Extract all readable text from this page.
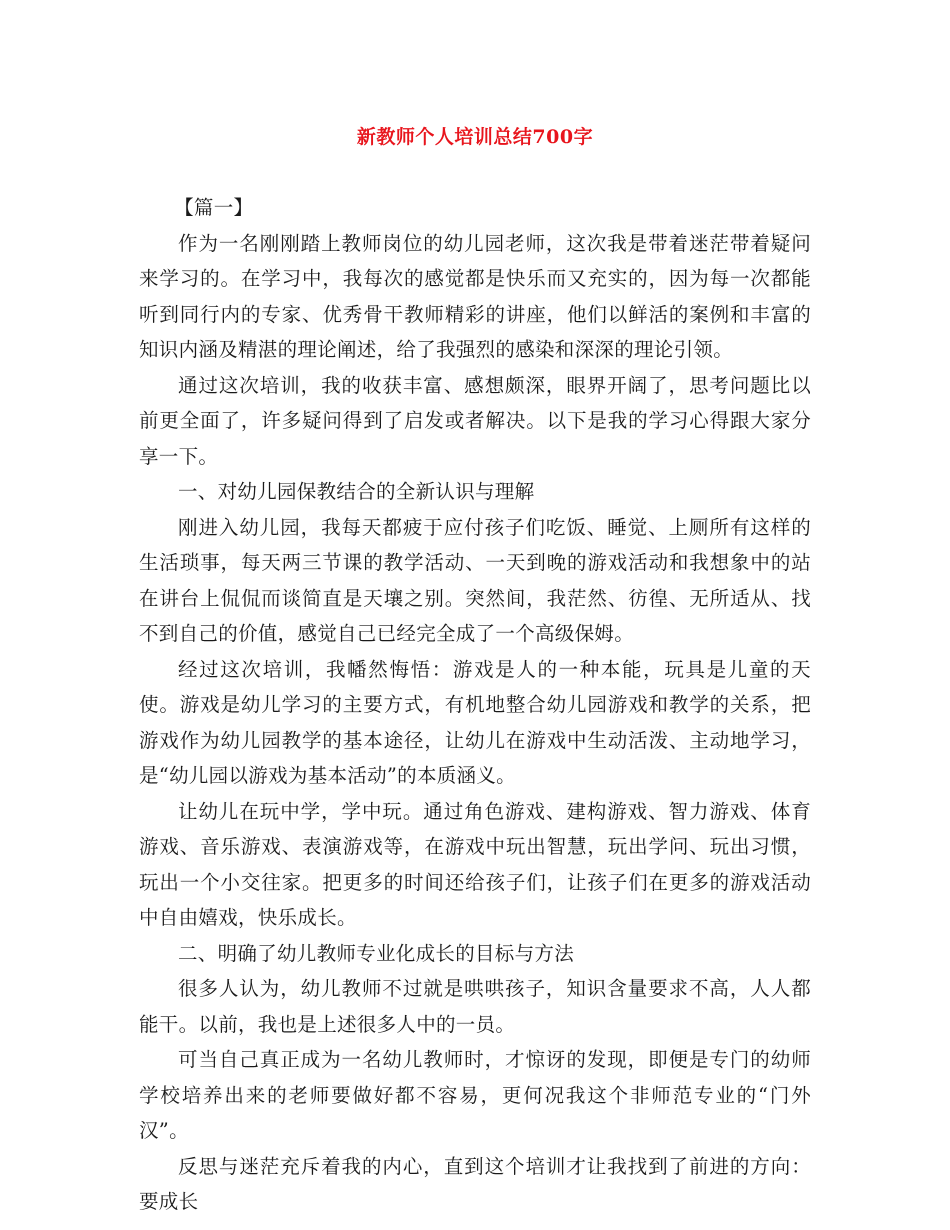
新教师个人培训总结700字

【篇一】

作为一名刚刚踏上教师岗位的幼儿园老师，这次我是带着迷茫带着疑问来学习的。在学习中，我每次的感觉都是快乐而又充实的，因为每一次都能听到同行内的专家、优秀骨干教师精彩的讲座，他们以鲜活的案例和丰富的知识内涵及精湛的理论阐述，给了我强烈的感染和深深的理论引领。

通过这次培训，我的收获丰富、感想颇深，眼界开阔了，思考问题比以前更全面了，许多疑问得到了启发或者解决。以下是我的学习心得跟大家分享一下。

一、对幼儿园保教结合的全新认识与理解

刚进入幼儿园，我每天都疲于应付孩子们吃饭、睡觉、上厕所有这样的生活琐事，每天两三节课的教学活动、一天到晚的游戏活动和我想象中的站在讲台上侃侃而谈简直是天壤之别。突然间，我茫然、彷徨、无所适从、找不到自己的价值，感觉自己已经完全成了一个高级保姆。

经过这次培训，我幡然悔悟：游戏是人的一种本能，玩具是儿童的天使。游戏是幼儿学习的主要方式，有机地整合幼儿园游戏和教学的关系，把游戏作为幼儿园教学的基本途径，让幼儿在游戏中生动活泼、主动地学习，是“幼儿园以游戏为基本活动”的本质涵义。

让幼儿在玩中学，学中玩。通过角色游戏、建构游戏、智力游戏、体育游戏、音乐游戏、表演游戏等，在游戏中玩出智慧，玩出学问、玩出习惯，玩出一个小交往家。把更多的时间还给孩子们，让孩子们在更多的游戏活动中自由嬉戏，快乐成长。

二、明确了幼儿教师专业化成长的目标与方法

很多人认为，幼儿教师不过就是哄哄孩子，知识含量要求不高，人人都能干。以前，我也是上述很多人中的一员。

可当自己真正成为一名幼儿教师时，才惊讶的发现，即便是专门的幼师学校培养出来的老师要做好都不容易，更何况我这个非师范专业的“门外汉”。

反思与迷茫充斥着我的内心，直到这个培训才让我找到了前进的方向：要成长
